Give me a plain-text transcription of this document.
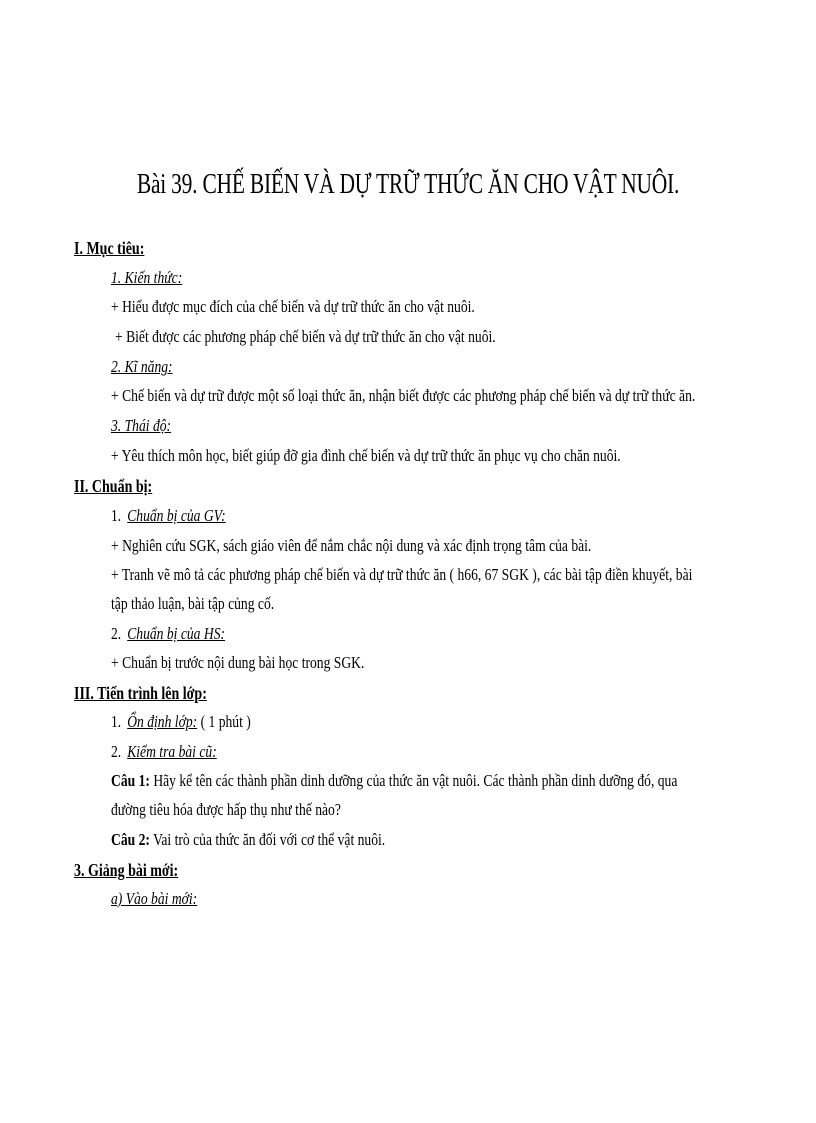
Bài 39. CHẾ BIẾN VÀ DỰ TRỮ THỨC ĂN CHO VẬT NUÔI.
I. Mục tiêu:
1. Kiến thức:
+ Hiểu được mục đích của chế biến và dự trữ thức ăn cho vật nuôi.
+ Biết được các phương pháp chế biến và dự trữ thức ăn cho vật nuôi.
2. Kĩ năng:
+ Chế biến và dự trữ được một số loại thức ăn, nhận biết được các phương pháp chế biến và dự trữ thức ăn.
3. Thái độ:
+ Yêu thích môn học, biết giúp đỡ gia đình chế biến và dự trữ thức ăn phục vụ cho chăn nuôi.
II. Chuẩn bị:
1. Chuẩn bị của GV:
+ Nghiên cứu SGK, sách giáo viên để nắm chắc nội dung và xác định trọng tâm của bài.
+ Tranh vẽ mô tả các phương pháp chế biến và dự trữ thức ăn ( h66, 67 SGK ), các bài tập điền khuyết, bài
tập thảo luận, bài tập củng cố.
2. Chuẩn bị của HS:
+ Chuẩn bị trước nội dung bài học trong SGK.
III. Tiến trình lên lớp:
1. Ổn định lớp: ( 1 phút )
2. Kiểm tra bài cũ:
Câu 1: Hãy kể tên các thành phần dinh dưỡng của thức ăn vật nuôi. Các thành phần dinh dưỡng đó, qua
đường tiêu hóa được hấp thụ như thế nào?
Câu 2: Vai trò của thức ăn đối với cơ thể vật nuôi.
3. Giảng bài mới:
a) Vào bài mới:
